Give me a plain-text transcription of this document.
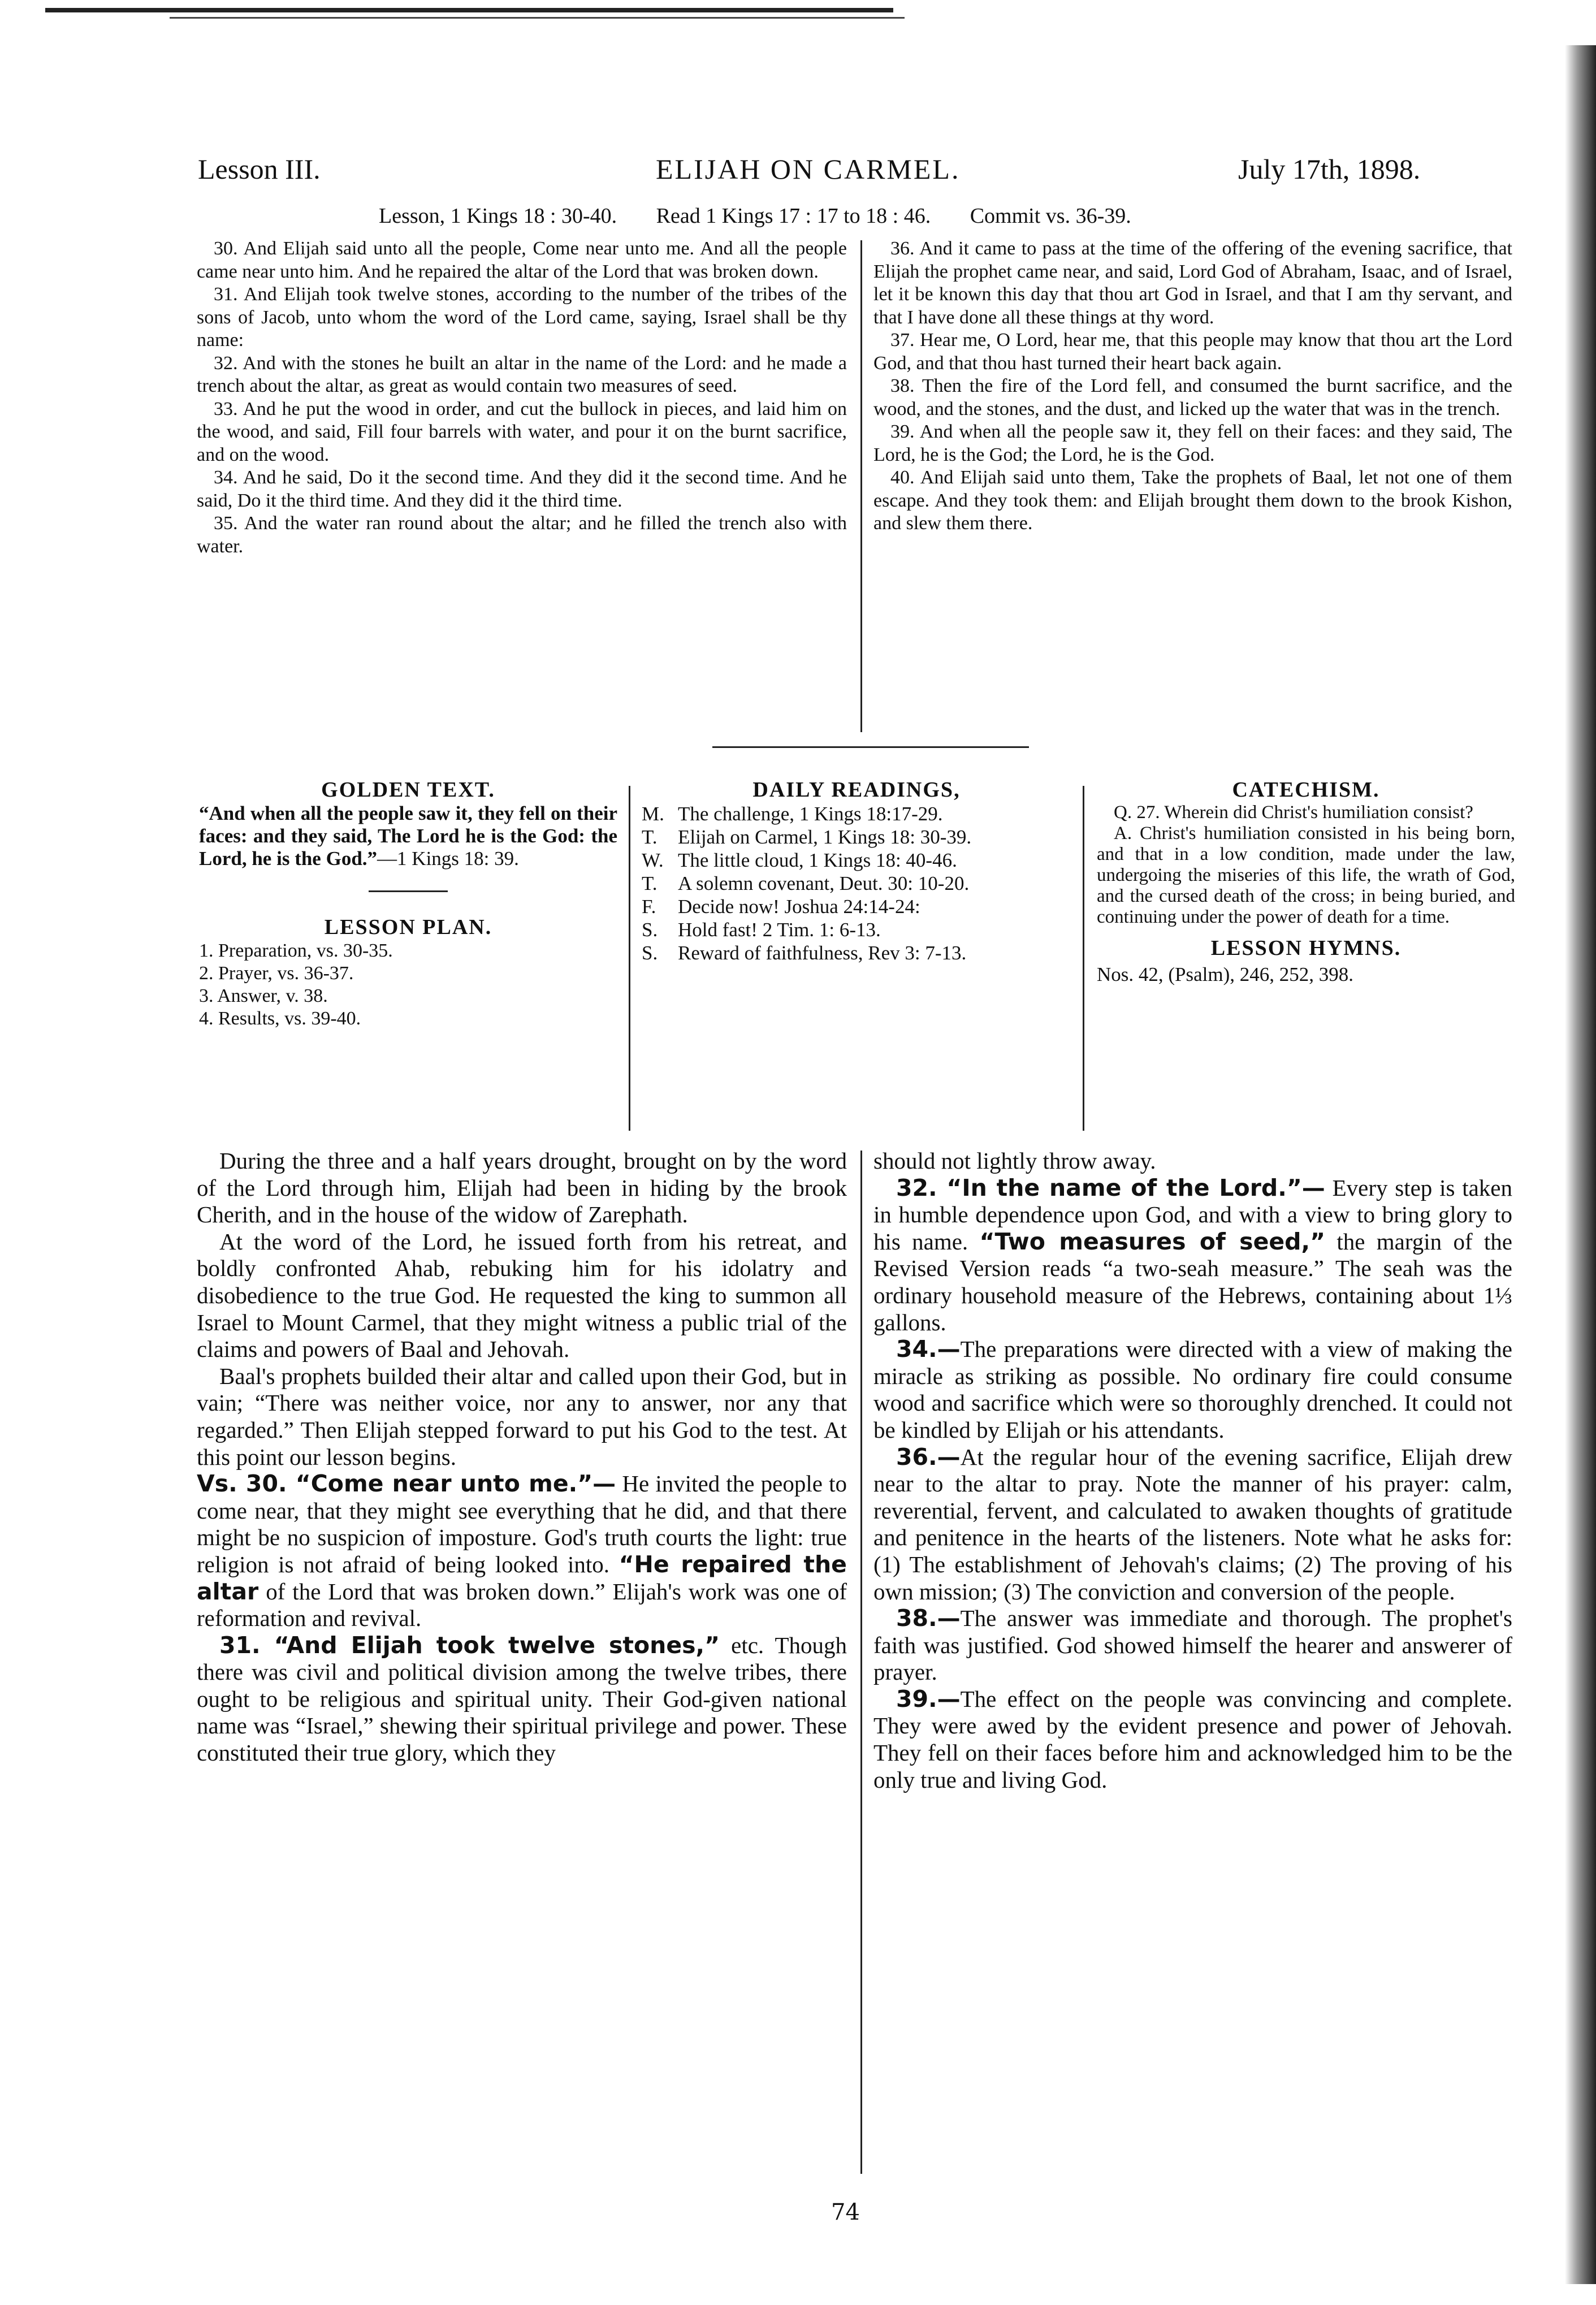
Lesson III.	ELIJAH ON CARMEL.	July 17th, 1898.
Lesson, 1 Kings 18 : 30-40. Read 1 Kings 17 : 17 to 18 : 46. Commit vs. 36-39.

30. And Elijah said unto all the people, Come near unto me. And all the people came near unto him. And he repaired the altar of the Lord that was broken down.

31. And Elijah took twelve stones, according to the number of the tribes of the sons of Jacob, unto whom the word of the Lord came, saying, Israel shall be thy name:

32. And with the stones he built an altar in the name of the Lord: and he made a trench about the altar, as great as would contain two measures of seed.

33. And he put the wood in order, and cut the bullock in pieces, and laid him on the wood, and said, Fill four barrels with water, and pour it on the burnt sacrifice, and on the wood.

34. And he said, Do it the second time. And they did it the second time. And he said, Do it the third time. And they did it the third time.

35. And the water ran round about the altar; and he filled the trench also with water.

36. And it came to pass at the time of the offering of the evening sacrifice, that Elijah the prophet came near, and said, Lord God of Abraham, Isaac, and of Israel, let it be known this day that thou art God in Israel, and that I am thy servant, and that I have done all these things at thy word.

37. Hear me, O Lord, hear me, that this people may know that thou art the Lord God, and that thou hast turned their heart back again.

38. Then the fire of the Lord fell, and consumed the burnt sacrifice, and the wood, and the stones, and the dust, and licked up the water that was in the trench.

39. And when all the people saw it, they fell on their faces: and they said, The Lord, he is the God; the Lord, he is the God.

40. And Elijah said unto them, Take the prophets of Baal, let not one of them escape. And they took them: and Elijah brought them down to the brook Kishon, and slew them there.

GOLDEN TEXT.

“And when all the people saw it, they fell on their faces: and they said, The Lord he is the God: the Lord, he is the God.”—1 Kings 18: 39.

LESSON PLAN.

1. Preparation, vs. 30-35.
2. Prayer, vs. 36-37.
3. Answer, v. 38.
4. Results, vs. 39-40.

DAILY READINGS,

M. The challenge, 1 Kings 18:17-29.
T.	Elijah on Carmel, 1 Kings 18: 30-39.
W. The little cloud, 1 Kings 18: 40-46.
T.	A solemn covenant, Deut. 30: 10-20.
F.	Decide now! Joshua 24:14-24:
S.	Hold fast! 2 Tim. 1: 6-13.
S.	Reward of faithfulness, Rev 3: 7-13.

CATECHISM.

Q. 27. Wherein did Christ's humiliation consist?
A. Christ's humiliation consisted in his being born, and that in a low condition, made under the law, undergoing the miseries of this life, the wrath of God, and the cursed death of the cross; in being buried, and continuing under the power of death for a time.

LESSON HYMNS.

Nos. 42, (Psalm), 246, 252, 398.

During the three and a half years drought, brought on by the word of the Lord through him, Elijah had been in hiding by the brook Cherith, and in the house of the widow of Zarephath.

At the word of the Lord, he issued forth from his retreat, and boldly confronted Ahab, rebuking him for his idolatry and disobedience to the true God. He requested the king to summon all Israel to Mount Carmel, that they might witness a public trial of the claims and powers of Baal and Jehovah.

Baal's prophets builded their altar and called upon their God, but in vain; “There was neither voice, nor any to answer, nor any that regarded.” Then Elijah stepped forward to put his God to the test. At this point our lesson begins.

Vs. 30. “Come near unto me.”— He invited the people to come near, that they might see everything that he did, and that there might be no suspicion of imposture. God's truth courts the light: true religion is not afraid of being looked into. “He repaired the altar of the Lord that was broken down.” Elijah's work was one of reformation and revival.

31. “And Elijah took twelve stones,” etc. Though there was civil and political division among the twelve tribes, there ought to be religious and spiritual unity. Their God-given national name was “Israel,” shewing their spiritual privilege and power. These constituted their true glory, which they

should not lightly throw away.

32. “In the name of the Lord.”— Every step is taken in humble dependence upon God, and with a view to bring glory to his name. “Two measures of seed,” the margin of the Revised Version reads “a two-seah measure.” The seah was the ordinary household measure of the Hebrews, containing about 1⅓ gallons.

34.—The preparations were directed with a view of making the miracle as striking as possible. No ordinary fire could consume wood and sacrifice which were so thoroughly drenched. It could not be kindled by Elijah or his attendants.

36.—At the regular hour of the evening sacrifice, Elijah drew near to the altar to pray. Note the manner of his prayer: calm, reverential, fervent, and calculated to awaken thoughts of gratitude and penitence in the hearts of the listeners. Note what he asks for: (1) The establishment of Jehovah's claims; (2) The proving of his own mission; (3) The conviction and conversion of the people.

38.—The answer was immediate and thorough. The prophet's faith was justified. God showed himself the hearer and answerer of prayer.

39.—The effect on the people was convincing and complete. They were awed by the evident presence and power of Jehovah. They fell on their faces before him and acknowledged him to be the only true and living God.

74
